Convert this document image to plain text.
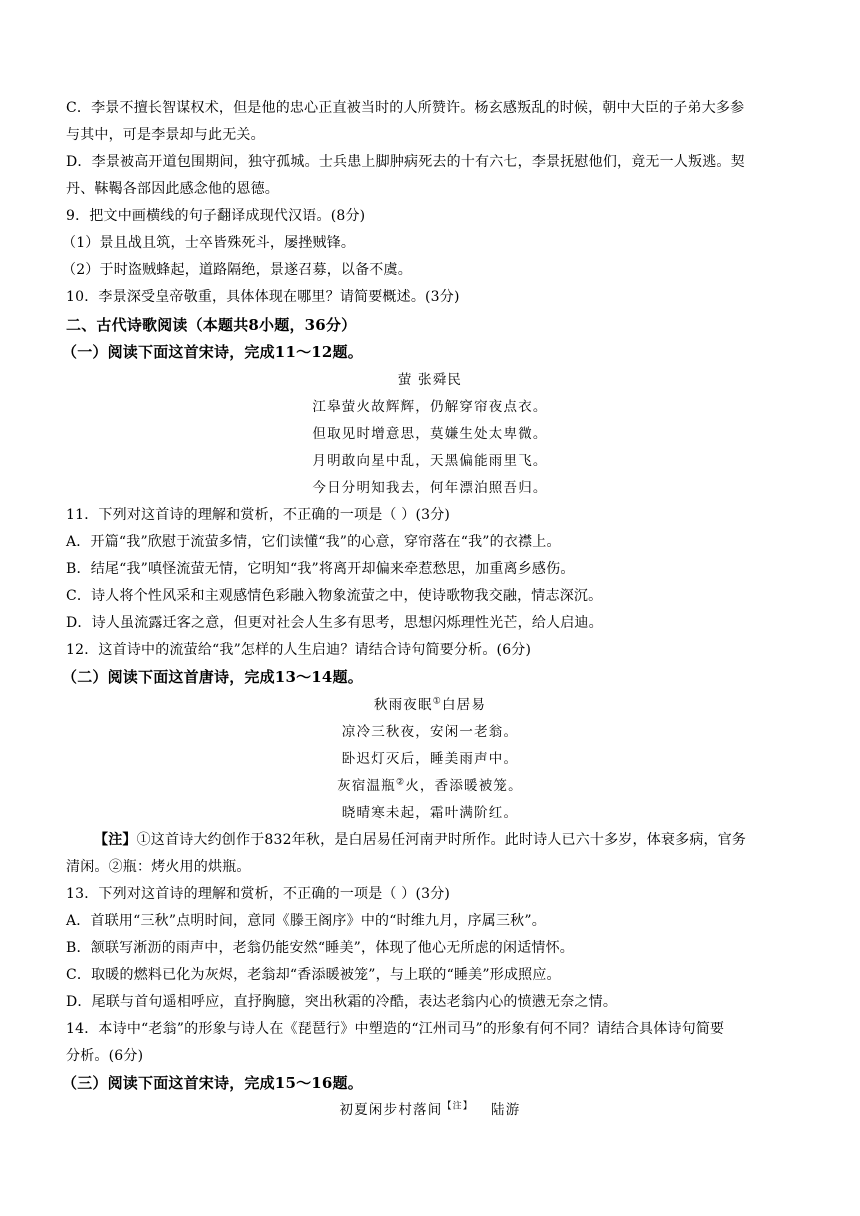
C．李景不擅长智谋权术，但是他的忠心正直被当时的人所赞许。杨玄感叛乱的时候，朝中大臣的子弟大多参
与其中，可是李景却与此无关。
D．李景被高开道包围期间，独守孤城。士兵患上脚肿病死去的十有六七，李景抚慰他们，竟无一人叛逃。契
丹、靺鞨各部因此感念他的恩德。
9．把文中画横线的句子翻译成现代汉语。(8分)
（1）景且战且筑，士卒皆殊死斗，屡挫贼锋。
（2）于时盗贼蜂起，道路隔绝，景遂召募，以备不虞。
10．李景深受皇帝敬重，具体体现在哪里？请简要概述。(3分)
二、古代诗歌阅读（本题共8小题，36分）
（一）阅读下面这首宋诗，完成11～12题。
萤 张舜民
江皋萤火故辉辉，仍解穿帘夜点衣。
但取见时增意思，莫嫌生处太卑微。
月明敢向星中乱，天黑偏能雨里飞。
今日分明知我去，何年漂泊照吾归。
11．下列对这首诗的理解和赏析，不正确的一项是（ ）(3分)
A．开篇“我”欣慰于流萤多情，它们读懂“我”的心意，穿帘落在“我”的衣襟上。
B．结尾“我”嗔怪流萤无情，它明知“我”将离开却偏来牵惹愁思，加重离乡感伤。
C．诗人将个性风采和主观感情色彩融入物象流萤之中，使诗歌物我交融，情志深沉。
D．诗人虽流露迁客之意，但更对社会人生多有思考，思想闪烁理性光芒，给人启迪。
12．这首诗中的流萤给“我”怎样的人生启迪？请结合诗句简要分析。(6分)
（二）阅读下面这首唐诗，完成13～14题。
秋雨夜眠①白居易
凉冷三秋夜，安闲一老翁。
卧迟灯灭后，睡美雨声中。
灰宿温瓶②火，香添暖被笼。
晓晴寒未起，霜叶满阶红。
【注】①这首诗大约创作于832年秋，是白居易任河南尹时所作。此时诗人已六十多岁，体衰多病，官务
清闲。②瓶：烤火用的烘瓶。
13．下列对这首诗的理解和赏析，不正确的一项是（ ）(3分)
A．首联用“三秋”点明时间，意同《滕王阁序》中的“时维九月，序属三秋”。
B．颔联写淅沥的雨声中，老翁仍能安然“睡美”，体现了他心无所虑的闲适情怀。
C．取暖的燃料已化为灰烬，老翁却“香添暖被笼”，与上联的“睡美”形成照应。
D．尾联与首句遥相呼应，直抒胸臆，突出秋霜的冷酷，表达老翁内心的愤懑无奈之情。
14．本诗中“老翁”的形象与诗人在《琵琶行》中塑造的“江州司马”的形象有何不同？请结合具体诗句简要
分析。(6分)
（三）阅读下面这首宋诗，完成15～16题。
初夏闲步村落间$^{【注】}$ 陆游
